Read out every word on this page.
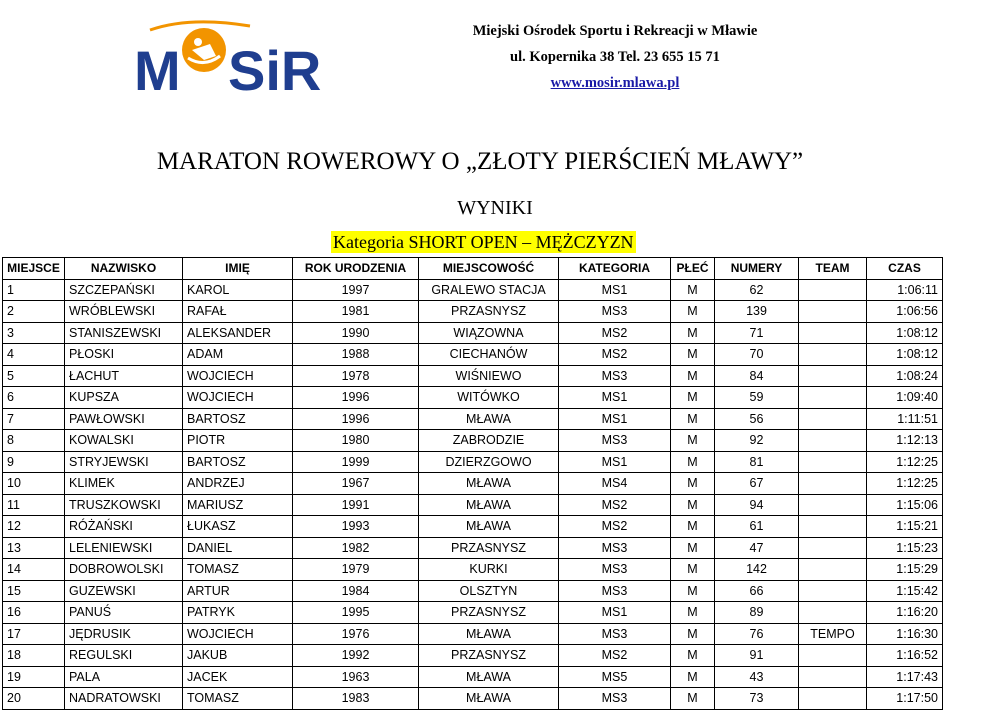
M SiR
Miejski Ośrodek Sportu i Rekreacji w Mławie
ul. Kopernika 38 Tel. 23 655 15 71
www.mosir.mlawa.pl
MARATON ROWEROWY O „ZŁOTY PIERŚCIEŃ MŁAWY”
WYNIKI
Kategoria SHORT OPEN – MĘŻCZYZN
MIEJSCE	NAZWISKO	IMIĘ	ROK URODZENIA	MIEJSCOWOŚĆ	KATEGORIA	PŁEĆ	NUMERY	TEAM	CZAS
1	SZCZEPAŃSKI	KAROL	1997	GRALEWO STACJA	MS1	M	62		1:06:11
2	WRÓBLEWSKI	RAFAŁ	1981	PRZASNYSZ	MS3	M	139		1:06:56
3	STANISZEWSKI	ALEKSANDER	1990	WIĄZOWNA	MS2	M	71		1:08:12
4	PŁOSKI	ADAM	1988	CIECHANÓW	MS2	M	70		1:08:12
5	ŁACHUT	WOJCIECH	1978	WIŚNIEWO	MS3	M	84		1:08:24
6	KUPSZA	WOJCIECH	1996	WITÓWKO	MS1	M	59		1:09:40
7	PAWŁOWSKI	BARTOSZ	1996	MŁAWA	MS1	M	56		1:11:51
8	KOWALSKI	PIOTR	1980	ZABRODZIE	MS3	M	92		1:12:13
9	STRYJEWSKI	BARTOSZ	1999	DZIERZGOWO	MS1	M	81		1:12:25
10	KLIMEK	ANDRZEJ	1967	MŁAWA	MS4	M	67		1:12:25
11	TRUSZKOWSKI	MARIUSZ	1991	MŁAWA	MS2	M	94		1:15:06
12	RÓŻAŃSKI	ŁUKASZ	1993	MŁAWA	MS2	M	61		1:15:21
13	LELENIEWSKI	DANIEL	1982	PRZASNYSZ	MS3	M	47		1:15:23
14	DOBROWOLSKI	TOMASZ	1979	KURKI	MS3	M	142		1:15:29
15	GUZEWSKI	ARTUR	1984	OLSZTYN	MS3	M	66		1:15:42
16	PANUŚ	PATRYK	1995	PRZASNYSZ	MS1	M	89		1:16:20
17	JĘDRUSIK	WOJCIECH	1976	MŁAWA	MS3	M	76	TEMPO	1:16:30
18	REGULSKI	JAKUB	1992	PRZASNYSZ	MS2	M	91		1:16:52
19	PALA	JACEK	1963	MŁAWA	MS5	M	43		1:17:43
20	NADRATOWSKI	TOMASZ	1983	MŁAWA	MS3	M	73		1:17:50
